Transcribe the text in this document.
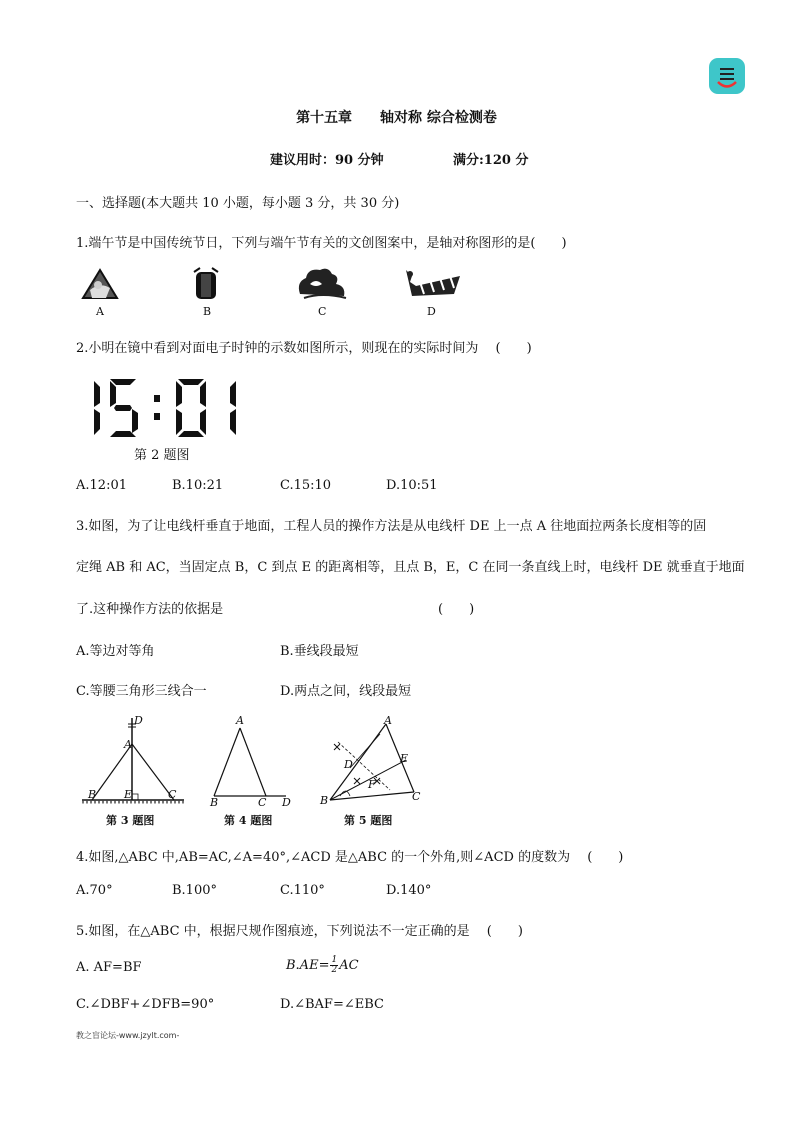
第十五章　　轴对称 综合检测卷
建议用时：90 分钟	满分:120 分
一、选择题(本大题共 10 小题，每小题 3 分，共 30 分)
1.端午节是中国传统节日，下列与端午节有关的文创图案中，是轴对称图形的是(　　)
A	B	C	D
2.小明在镜中看到对面电子时钟的示数如图所示，则现在的实际时间为　 (　　)
第 2 题图
A.12:01	B.10:21	C.15:10	D.10:51
3.如图，为了让电线杆垂直于地面，工程人员的操作方法是从电线杆 DE 上一点 A 往地面拉两条长度相等的固
定绳 AB 和 AC，当固定点 B，C 到点 E 的距离相等，且点 B，E，C 在同一条直线上时，电线杆 DE 就垂直于地面
了.这种操作方法的依据是	(　　)
A.等边对等角	B.垂线段最短
C.等腰三角形三线合一	D.两点之间，线段最短
D
A
B	E	C
第 3 题图
A
B	C D
第 4 题图
A
D	E
F
B	C
第 5 题图
4.如图,△ABC 中,AB=AC,∠A=40°,∠ACD 是△ABC 的一个外角,则∠ACD 的度数为　 (　　)
A.70°	B.100°	C.110°	D.140°
5.如图，在△ABC 中，根据尺规作图痕迹，下列说法不一定正确的是　 (　　)
A. AF=BF	$B.AE= \frac{1}{2}$ AC
C.∠DBF+∠DFB=90°	D.∠BAF=∠EBC
教之盲论坛-www.jzylt.com-
